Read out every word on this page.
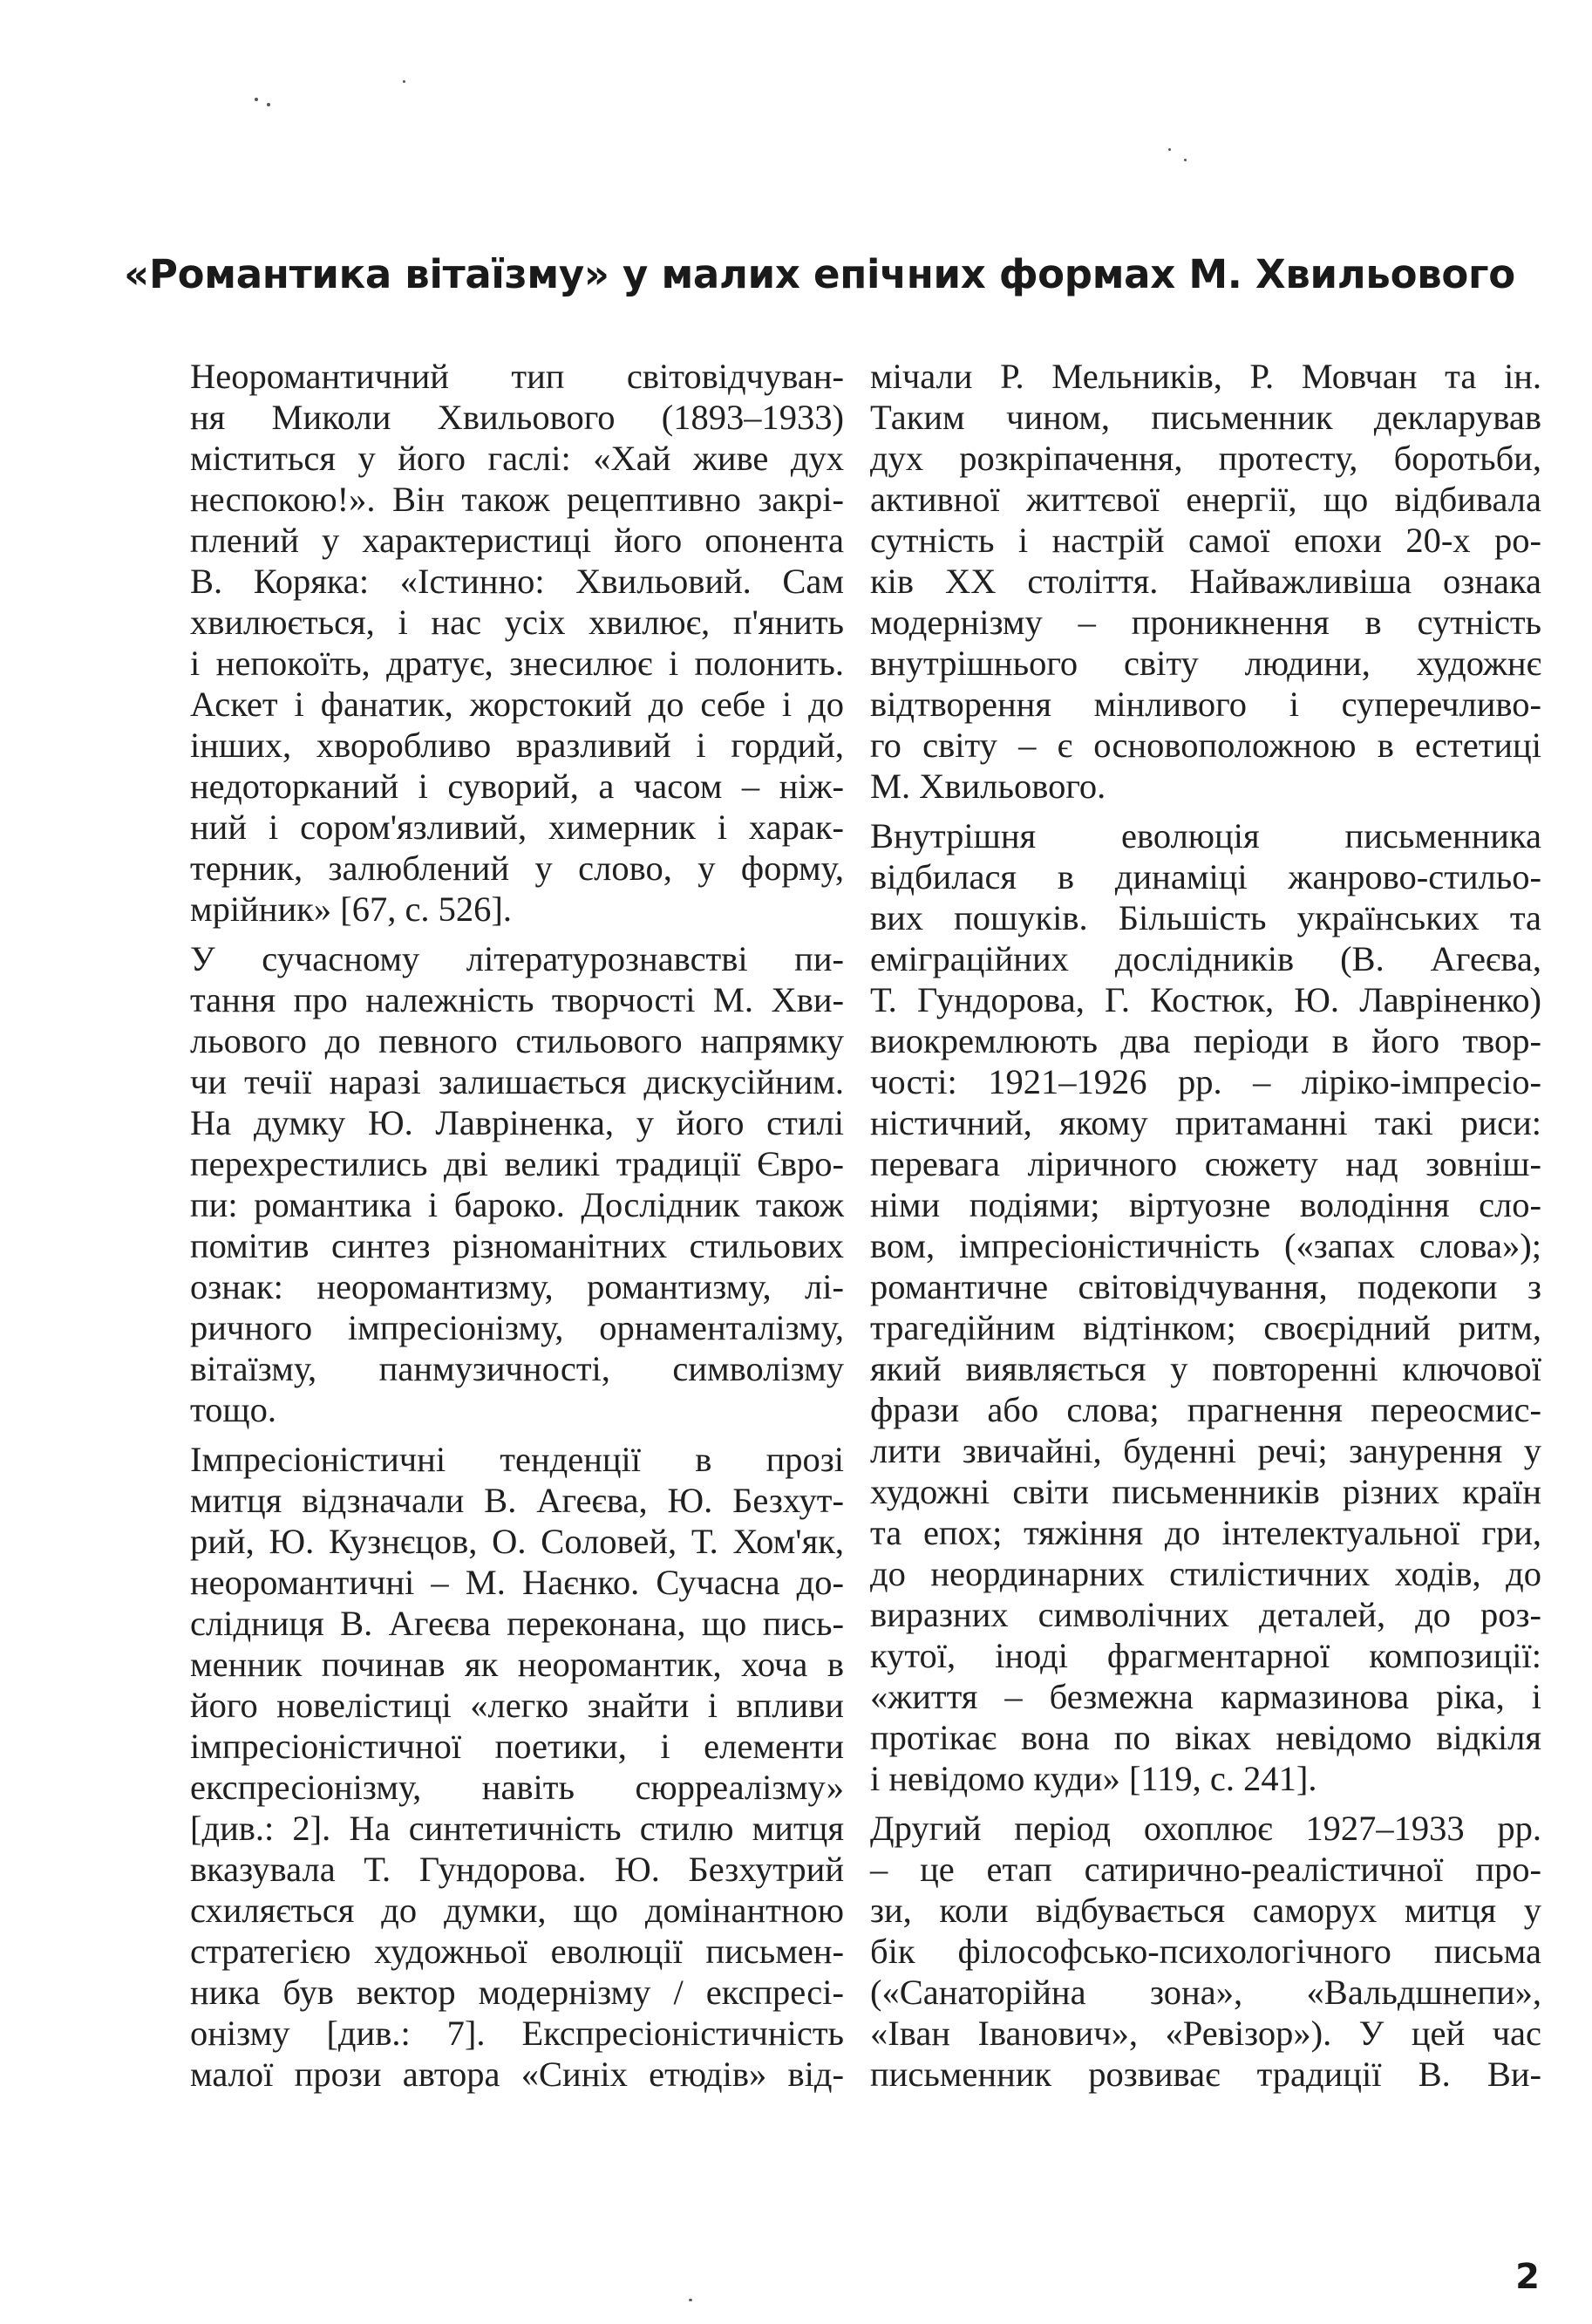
«Романтика вітаїзму» у малих епічних формах М. Хвильового
Неоромантичний тип світовідчуван-
ня Миколи Хвильового (1893–1933)
міститься у його гаслі: «Хай живе дух
неспокою!». Він також рецептивно закрі-
плений у характеристиці його опонента
В. Коряка: «Істинно: Хвильовий. Сам
хвилюється, і нас усіх хвилює, п'янить
і непокоїть, дратує, знесилює і полонить.
Аскет і фанатик, жорстокий до себе і до
інших, хворобливо вразливий і гордий,
недоторканий і суворий, а часом – ніж-
ний і сором'язливий, химерник і харак-
терник, залюблений у слово, у форму,
мрійник» [67, с. 526].
У сучасному літературознавстві пи-
тання про належність творчості М. Хви-
льового до певного стильового напрямку
чи течії наразі залишається дискусійним.
На думку Ю. Лавріненка, у його стилі
перехрестились дві великі традиції Євро-
пи: романтика і бароко. Дослідник також
помітив синтез різноманітних стильових
ознак: неоромантизму, романтизму, лі-
ричного імпресіонізму, орнаменталізму,
вітаїзму, панмузичності, символізму
тощо.
Імпресіоністичні тенденції в прозі
митця відзначали В. Агеєва, Ю. Безхут-
рий, Ю. Кузнєцов, О. Соловей, Т. Хом'як,
неоромантичні – М. Наєнко. Сучасна до-
слідниця В. Агеєва переконана, що пись-
менник починав як неоромантик, хоча в
його новелістиці «легко знайти і впливи
імпресіоністичної поетики, і елементи
експресіонізму, навіть сюрреалізму»
[див.: 2]. На синтетичність стилю митця
вказувала Т. Гундорова. Ю. Безхутрий
схиляється до думки, що домінантною
стратегією художньої еволюції письмен-
ника був вектор модернізму / експресі-
онізму [див.: 7]. Експресіоністичність
малої прози автора «Синіх етюдів» від-
мічали Р. Мельників, Р. Мовчан та ін.
Таким чином, письменник декларував
дух розкріпачення, протесту, боротьби,
активної життєвої енергії, що відбивала
сутність і настрій самої епохи 20-х ро-
ків XX століття. Найважливіша ознака
модернізму – проникнення в сутність
внутрішнього світу людини, художнє
відтворення мінливого і суперечливо-
го світу – є основоположною в естетиці
М. Хвильового.
Внутрішня еволюція письменника
відбилася в динаміці жанрово-стильо-
вих пошуків. Більшість українських та
еміграційних дослідників (В. Агеєва,
Т. Гундорова, Г. Костюк, Ю. Лавріненко)
виокремлюють два періоди в його твор-
чості: 1921–1926 рр. – ліріко-імпресіо-
ністичний, якому притаманні такі риси:
перевага ліричного сюжету над зовніш-
німи подіями; віртуозне володіння сло-
вом, імпресіоністичність («запах слова»);
романтичне світовідчування, подекопи з
трагедійним відтінком; своєрідний ритм,
який виявляється у повторенні ключової
фрази або слова; прагнення переосмис-
лити звичайні, буденні речі; занурення у
художні світи письменників різних країн
та епох; тяжіння до інтелектуальної гри,
до неординарних стилістичних ходів, до
виразних символічних деталей, до роз-
кутої, іноді фрагментарної композиції:
«життя – безмежна кармазинова ріка, і
протікає вона по віках невідомо відкіля
і невідомо куди» [119, с. 241].
Другий період охоплює 1927–1933 рр.
– це етап сатирично-реалістичної про-
зи, коли відбувається саморух митця у
бік філософсько-психологічного письма
(«Санаторійна зона», «Вальдшнепи»,
«Іван Іванович», «Ревізор»). У цей час
письменник розвиває традиції В. Ви-
2
